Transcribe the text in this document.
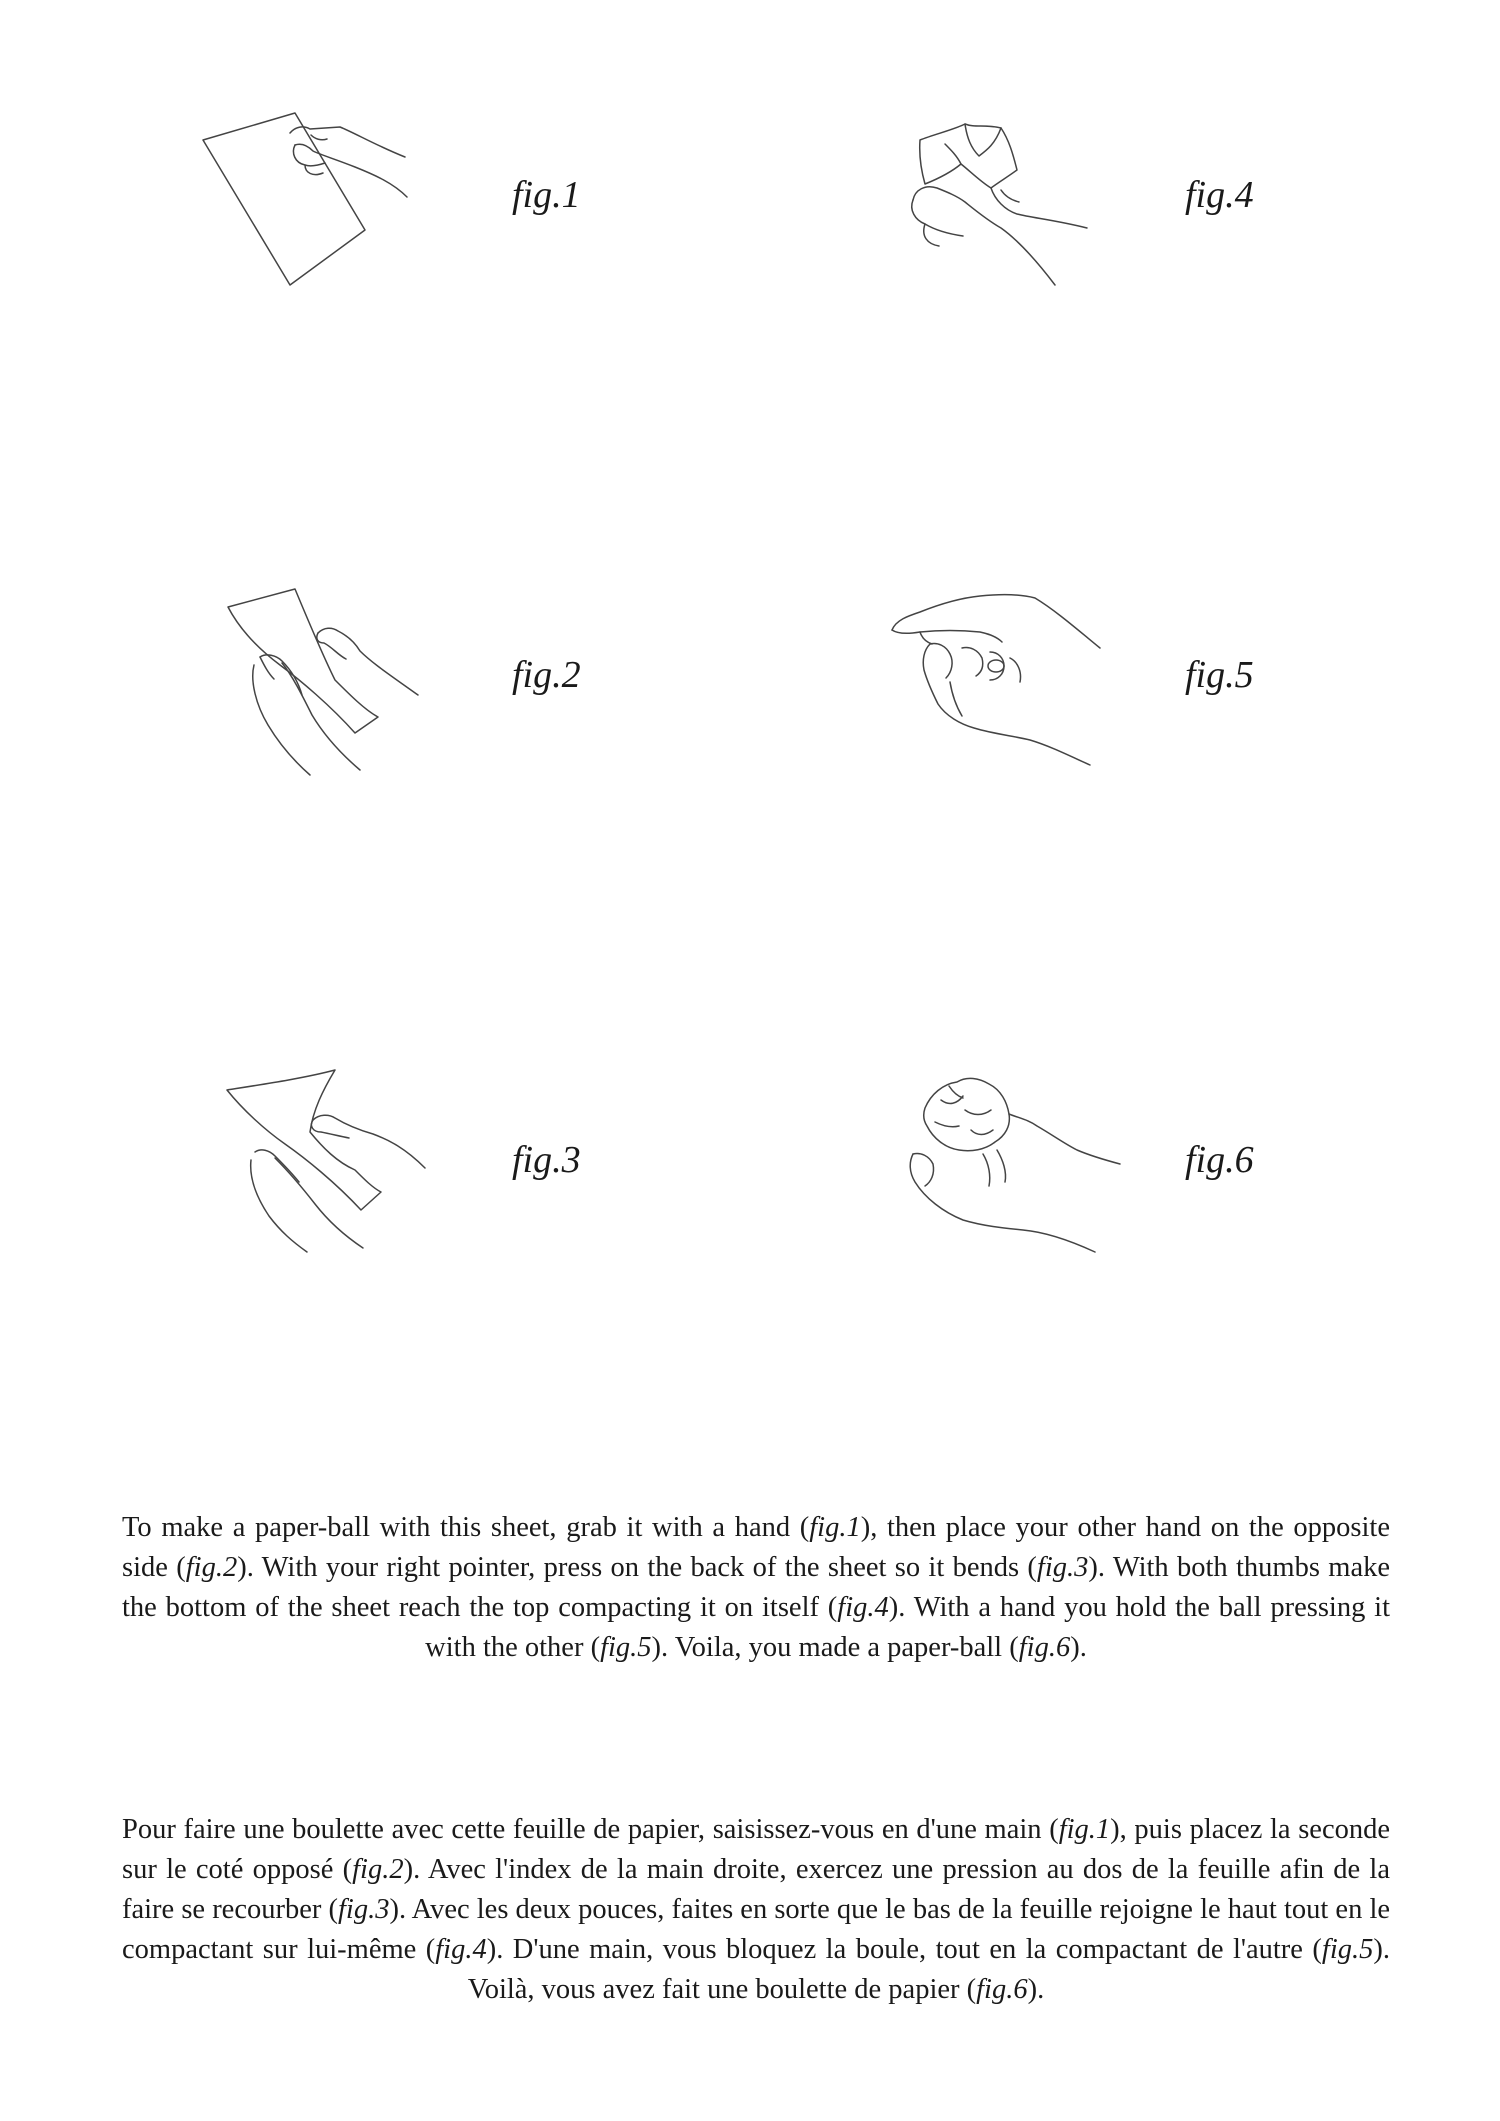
fig.1
fig.2
fig.3
fig.4
fig.5
fig.6

To make a paper-ball with this sheet, grab it with a hand (fig.1), then place your other hand on the opposite side (fig.2). With your right pointer, press on the back of the sheet so it bends (fig.3). With both thumbs make the bottom of the sheet reach the top compacting it on itself (fig.4). With a hand you hold the ball pressing it with the other (fig.5). Voila, you made a paper-ball (fig.6).

Pour faire une boulette avec cette feuille de papier, saisissez-vous en d'une main (fig.1), puis placez la seconde sur le coté opposé (fig.2). Avec l'index de la main droite, exercez une pression au dos de la feuille afin de la faire se recourber (fig.3). Avec les deux pouces, faites en sorte que le bas de la feuille rejoigne le haut tout en le compactant sur lui-même (fig.4). D'une main, vous bloquez la boule, tout en la compactant de l'autre (fig.5). Voilà, vous avez fait une boulette de papier (fig.6).
